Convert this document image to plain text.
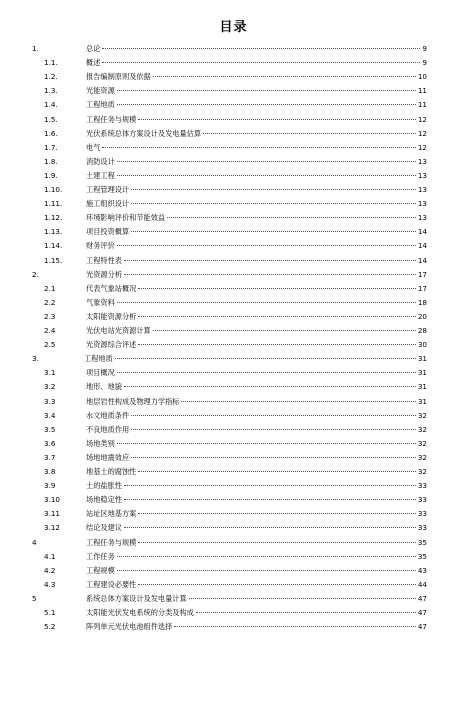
目录
1.	总论	9
1.1.	概述	9
1.2.	报告编制原则及依据	10
1.3.	光能资源	11
1.4.	工程地质	11
1.5.	工程任务与规模	12
1.6.	光伏系统总体方案设计及发电量估算	12
1.7.	电气	12
1.8.	消防设计	13
1.9.	土建工程	13
1.10.	工程管理设计	13
1.11.	施工组织设计	13
1.12.	环境影响评价和节能效益	13
1.13.	项目投资概算	14
1.14.	财务评价	14
1.15.	工程特性表	14
2.	光资源分析	17
2.1	代表气象站概况	17
2.2	气象资料	18
2.3	太阳能资源分析	20
2.4	光伏电站光资源计算	28
2.5	光资源综合评述	30
3.	工程地质	31
3.1	项目概况	31
3.2	地形、地貌	31
3.3	地层岩性构成及物理力学指标	31
3.4	水文地质条件	32
3.5	不良地质作用	32
3.6	场地类别	32
3.7	场地地震效应	32
3.8	地基土的腐蚀性	32
3.9	土的盐胀性	33
3.10	场地稳定性	33
3.11	站址区地基方案	33
3.12	结论及建议	33
4	工程任务与规模	35
4.1	工作任务	35
4.2	工程规模	43
4.3	工程建设必要性	44
5	系统总体方案设计及发电量计算	47
5.1	太阳能光伏发电系统的分类及构成	47
5.2	阵列单元光伏电池组件选择	47
